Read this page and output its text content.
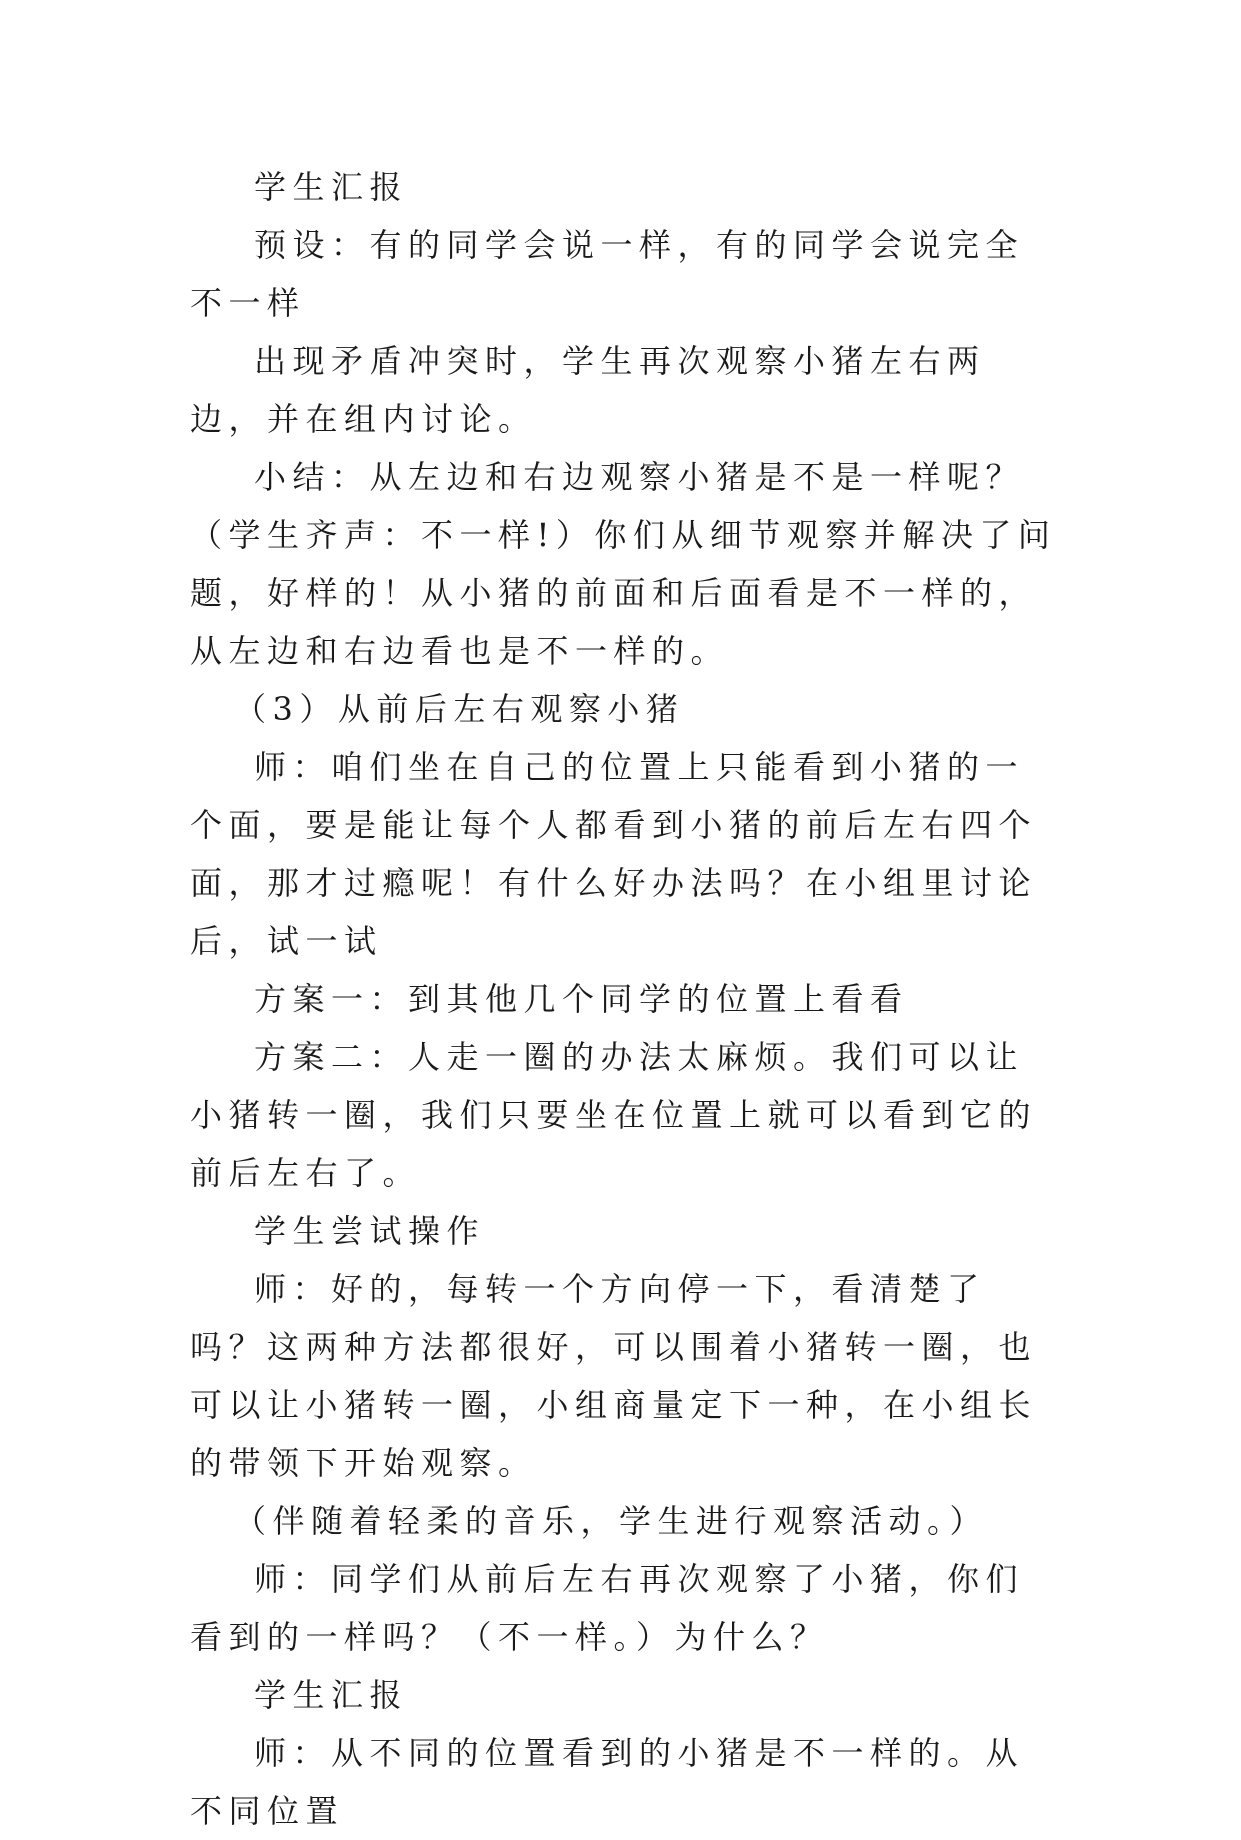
学生汇报

预设：有的同学会说一样，有的同学会说完全不一样

出现矛盾冲突时，学生再次观察小猪左右两边，并在组内讨论。

小结：从左边和右边观察小猪是不是一样呢？（学生齐声：不一样!）你们从细节观察并解决了问题，好样的！从小猪的前面和后面看是不一样的，从左边和右边看也是不一样的。

（3）从前后左右观察小猪

师：咱们坐在自己的位置上只能看到小猪的一个面，要是能让每个人都看到小猪的前后左右四个面，那才过瘾呢！有什么好办法吗？在小组里讨论后，试一试

方案一：到其他几个同学的位置上看看

方案二：人走一圈的办法太麻烦。我们可以让小猪转一圈，我们只要坐在位置上就可以看到它的前后左右了。

学生尝试操作

师：好的，每转一个方向停一下，看清楚了吗？这两种方法都很好，可以围着小猪转一圈，也可以让小猪转一圈，小组商量定下一种，在小组长的带领下开始观察。

（伴随着轻柔的音乐，学生进行观察活动。）

师：同学们从前后左右再次观察了小猪，你们看到的一样吗？（不一样。）为什么？

学生汇报

师：从不同的位置看到的小猪是不一样的。从不同位置
